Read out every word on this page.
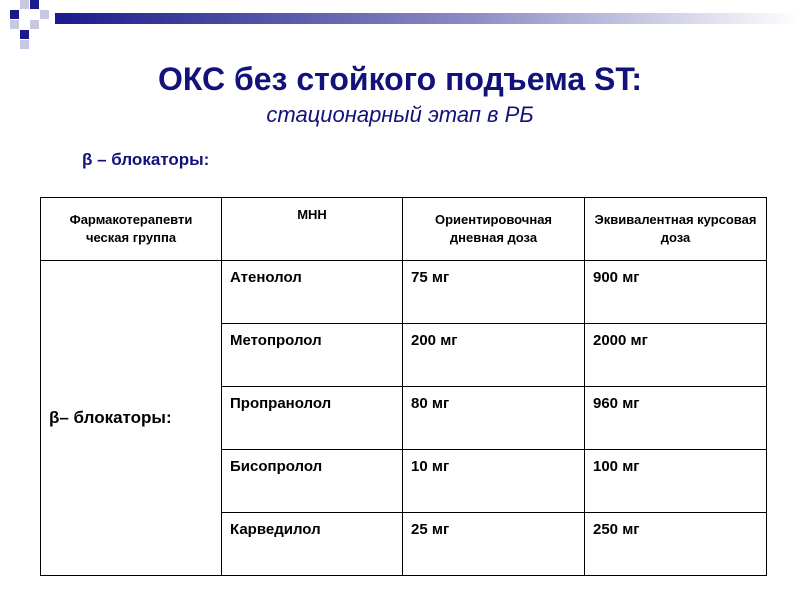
ОКС без стойкого подъема ST:
стационарный этап в РБ
β – блокаторы:
Фармакотерапевти ческая группа	МНН	Ориентировочная дневная доза	Эквивалентная курсовая доза
β– блокаторы:	Атенолол	75 мг	900 мг
	Метопролол	200 мг	2000 мг
	Пропранолол	80 мг	960 мг
	Бисопролол	10 мг	100 мг
	Карведилол	25 мг	250 мг
